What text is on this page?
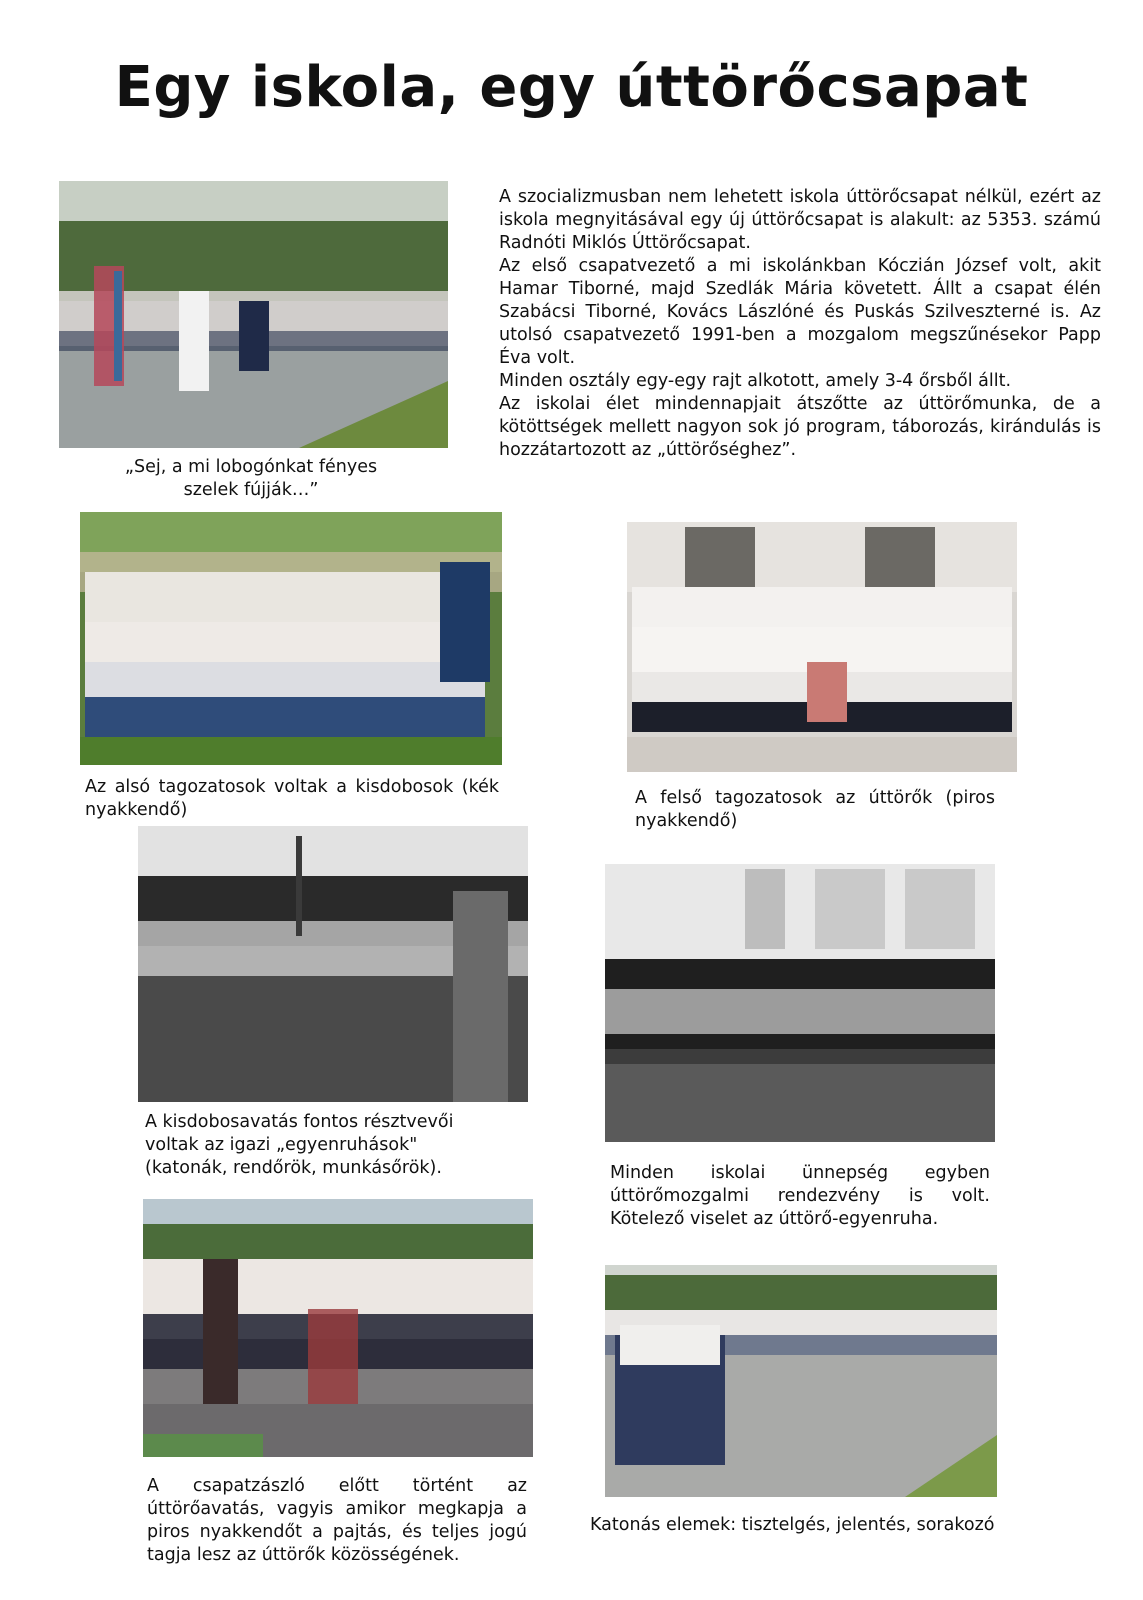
Egy iskola, egy úttörőcsapat

A szocializmusban nem lehetett iskola úttörőcsapat nélkül, ezért az iskola megnyitásával egy új úttörőcsapat is alakult: az 5353. számú Radnóti Miklós Úttörőcsapat.

Az első csapatvezető a mi iskolánkban Kóczián József volt, akit Hamar Tiborné, majd Szedlák Mária követett. Állt a csapat élén Szabácsi Tiborné, Kovács Lászlóné és Puskás Szilveszterné is. Az utolsó csapatvezető 1991-ben a mozgalom megszűnésekor Papp Éva volt.

Minden osztály egy-egy rajt alkotott, amely 3-4 őrsből állt.

Az iskolai élet mindennapjait átszőtte az úttörőmunka, de a kötöttségek mellett nagyon sok jó program, táborozás, kirándulás is hozzátartozott az „úttörőséghez”.

„Sej, a mi lobogónkat fényes szelek fújják…”
Az alsó tagozatosok voltak a kisdobosok (kék nyakkendő)
A felső tagozatosok az úttörők (piros nyakkendő)
A kisdobosavatás fontos résztvevői voltak az igazi „egyenruhások" (katonák, rendőrök, munkásőrök).	Minden iskolai ünnepség egyben úttörőmozgalmi rendezvény is volt. Kötelező viselet az úttörő-egyenruha.
A csapatzászló előtt történt az úttörőavatás, vagyis amikor megkapja a piros nyakkendőt a pajtás, és teljes jogú tagja lesz az úttörők közösségének.
Katonás elemek: tisztelgés, jelentés, sorakozó
